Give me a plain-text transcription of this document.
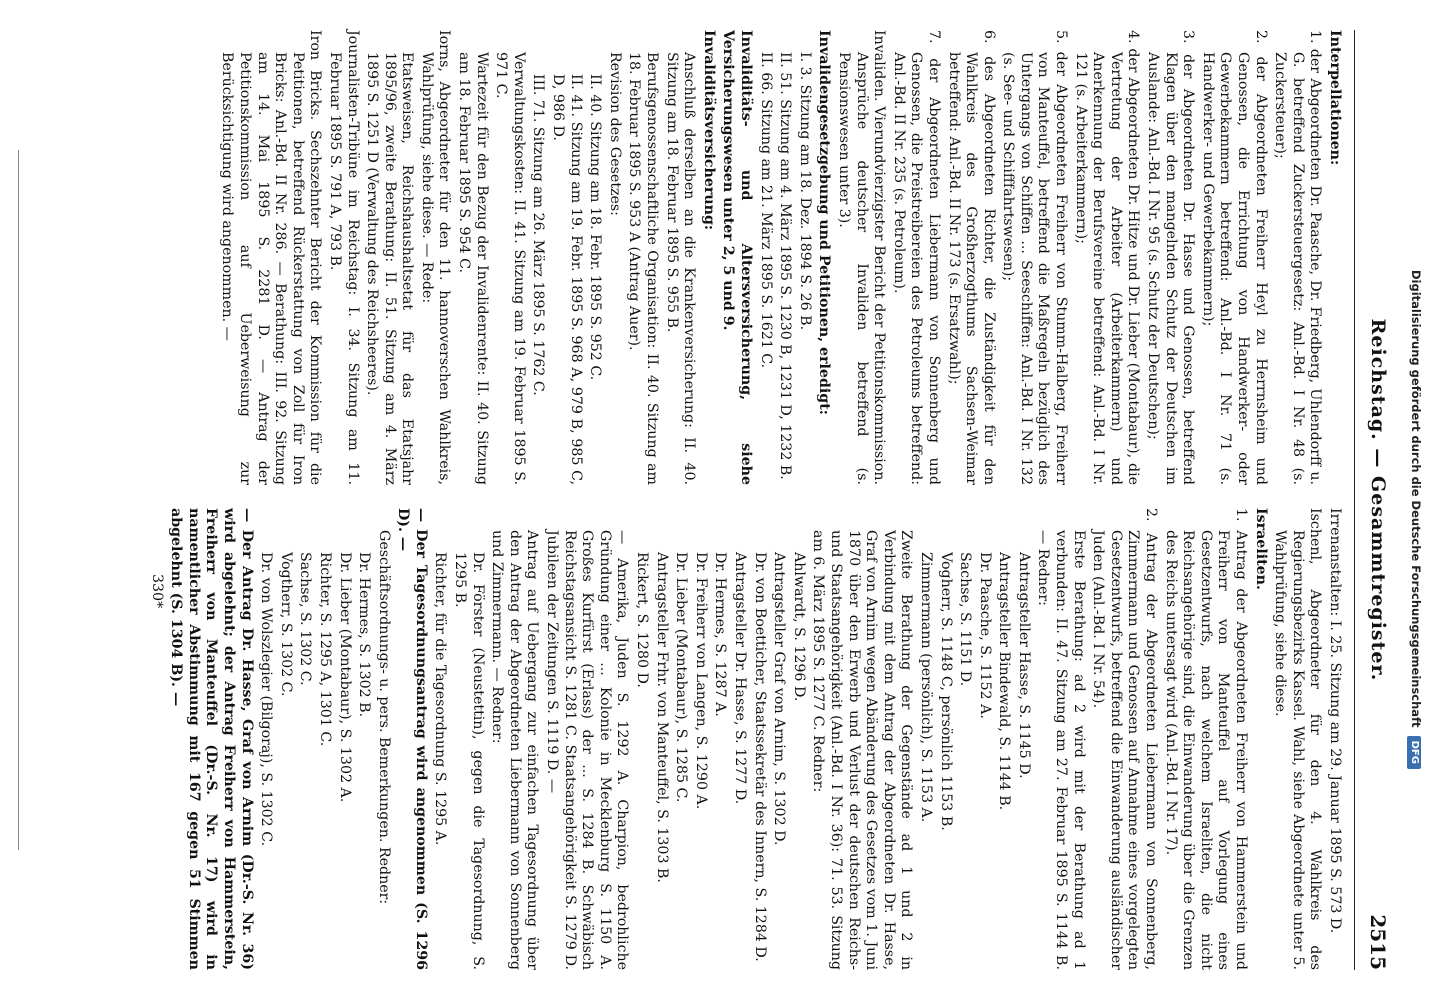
Reichstag. — Gesammtregister.
2515

Interpellationen:

1. der Abgeordneten Dr. Paasche, Dr. Friedberg, Uhlendorff u. G. betreffend Zuckersteuergesetz: Anl.-Bd. I Nr. 48 (s. Zuckersteuer);

2. der Abgeordneten Freiherr Heyl zu Herrnsheim und Genossen, die Errichtung von Handwerker- oder Gewerbekammern betreffend: Anl.-Bd. I Nr. 71 (s. Handwerker- und Gewerbekammern);

3. der Abgeordneten Dr. Hasse und Genossen, betreffend Klagen über den mangelnden Schutz der Deutschen im Auslande: Anl.-Bd. I Nr. 95 (s. Schutz der Deutschen);

4. der Abgeordneten Dr. Hitze und Dr. Lieber (Montabaur), die Vertretung der Arbeiter (Arbeiterkammern) und Anerkennung der Berufsvereine betreffend: Anl.-Bd. I Nr. 121 (s. Arbeiterkammern);

5. der Abgeordneten Freiherr von Stumm-Halberg, Freiherr von Manteuffel, betreffend die Maßregeln bezüglich des Untergangs von Schiffen ... Seeschiffen: Anl.-Bd. I Nr. 132 (s. See- und Schifffahrtswesen);

6. des Abgeordneten Richter, die Zuständigkeit für den Wahlkreis des Großherzogthums Sachsen-Weimar betreffend: Anl.-Bd. II Nr. 173 (s. Ersatzwahl);

7. der Abgeordneten Liebermann von Sonnenberg und Genossen, die Preistreibereien des Petroleums betreffend: Anl.-Bd. II Nr. 235 (s. Petroleum).

Invaliden. Vierundvierzigster Bericht der Petitionskommission. Ansprüche deutscher Invaliden betreffend (s. Pensionswesen unter 3).

Invalidengesetzgebung und Petitionen, erledigt:

I. 3. Sitzung am 18. Dez. 1894 S. 26 B.

II. 51. Sitzung am 4. März 1895 S. 1230 B, 1231 D, 1232 B.

II. 66. Sitzung am 21. März 1895 S. 1621 C.

Invaliditäts- und Altersversicherung, siehe Versicherungswesen unter 2, 5 und 9.

Invaliditätsversicherung:

Anschluß derselben an die Krankenversicherung: II. 40. Sitzung am 18. Februar 1895 S. 955 B.

Berufsgenossenschaftliche Organisation: II. 40. Sitzung am 18. Februar 1895 S. 953 A (Antrag Auer).

Revision des Gesetzes:

II. 40. Sitzung am 18. Febr. 1895 S. 952 C.

II. 41. Sitzung am 19. Febr. 1895 S. 968 A, 979 B, 985 C, D, 986 D.

III. 71. Sitzung am 26. März 1895 S. 1762 C.

Verwaltungskosten: II. 41. Sitzung am 19. Februar 1895 S. 971 C.

Wartezeit für den Bezug der Invalidenrente: II. 40. Sitzung am 18. Februar 1895 S. 954 C.

Iorns, Abgeordneter für den 11. hannoverschen Wahlkreis, Wahlprüfung, siehe diese. — Rede:

Etatsweisen, Reichshaushaltsetat für das Etatsjahr 1895/96, zweite Berathung: II. 51. Sitzung am 4. März 1895 S. 1251 D (Verwaltung des Reichsheeres).

Journalisten-Tribüne im Reichstag: I. 34. Sitzung am 11. Februar 1895 S. 791 A, 793 B.

Iron Bricks. Sechszehnter Bericht der Kommission für die Petitionen, betreffend Rückerstattung von Zoll für Iron Bricks: Anl.-Bd. II Nr. 286. — Berathung: III. 92. Sitzung am 14. Mai 1895 S. 2281 D. — Antrag der Petitionskommission auf Ueberweisung zur Berücksichtigung wird angenommen. —

Irrenanstalten: I. 25. Sitzung am 29. Januar 1895 S. 573 D.

Ischenl, Abgeordneter für den 4. Wahlkreis des Regierungsbezirks Kassel. Wahl, siehe Abgeordnete unter 5. Wahlprüfung, siehe diese.

Israeliten.

1. Antrag der Abgeordneten Freiherr von Hammerstein und Freiherr von Manteuffel auf Vorlegung eines Gesetzentwurfs, nach welchem Israeliten, die nicht Reichsangehörige sind, die Einwanderung über die Grenzen des Reichs untersagt wird (Anl.-Bd. I Nr. 17).

2. Antrag der Abgeordneten Liebermann von Sonnenberg, Zimmermann und Genossen auf Annahme eines vorgelegten Gesetzentwurfs, betreffend die Einwanderung ausländischer Juden (Anl.-Bd. I Nr. 54).

Erste Berathung: ad 2 wird mit der Berathung ad 1 verbunden: II. 47. Sitzung am 27. Februar 1895 S. 1144 B. — Redner:

Antragsteller Hasse, S. 1145 D.

Antragsteller Bindewald, S. 1144 B.

Dr. Paasche, S. 1152 A.

Sachse, S. 1151 D.

Vogherr, S. 1148 C, persönlich 1153 B.

Zimmermann (persönlich), S. 1153 A.

Zweite Berathung der Gegenstände ad 1 und 2 in Verbindung mit dem Antrag der Abgeordneten Dr. Hasse, Graf von Arnim wegen Abänderung des Gesetzes vom 1. Juni 1870 über den Erwerb und Verlust der deutschen Reichs- und Staatsangehörigkeit (Anl.-Bd. I Nr. 36): 71. 53. Sitzung am 6. März 1895 S. 1277 C. Redner:

Ahlwardt, S. 1296 D.

Antragsteller Graf von Arnim, S. 1302 D.

Dr. von Boetticher, Staatssekretär des Innern, S. 1284 D.

Antragsteller Dr. Hasse, S. 1277 D.

Dr. Hermes, S. 1287 A.

Dr. Freiherr von Langen, S. 1290 A.

Dr. Lieber (Montabaur), S. 1285 C.

Antragsteller Frhr. von Manteuffel, S. 1303 B.

Rickert, S. 1280 D.

— Amerika, Juden S. 1292 A. Charpion, bedrohliche Gründung einer ... Kolonie in Mecklenburg S. 1150 A. Großes Kurfürst (Erlass) der ... S. 1284 B. Schwäbisch Reichstagsansicht S. 1281 C. Staatsangehörigkeit S. 1279 D. Jubileen der Zeitungen S. 1119 D. —

Antrag auf Uebergang zur einfachen Tagesordnung über den Antrag der Abgeordneten Liebermann von Sonnenberg und Zimmermann. — Redner:

Dr. Förster (Neustettin), gegen die Tagesordnung, S. 1295 B.

Richter, für die Tagesordnung S. 1295 A.

— Der Tagesordnungsantrag wird angenommen (S. 1296 D). —

Geschäftsordnungs- u. pers. Bemerkungen. Redner:

Dr. Hermes, S. 1302 B.

Dr. Lieber (Montabaur), S. 1302 A.

Richter, S. 1295 A, 1301 C.

Sachse, S. 1302 C.

Vogtherr, S. 1302 C.

Dr. von Wolszlegier (Bilgoraj), S. 1302 C.

— Der Antrag Dr. Hasse, Graf von Arnim (Dr.-S. Nr. 36) wird abgelehnt; der Antrag Freiherr von Hammerstein, Freiherr von Manteuffel (Dr.-S. Nr. 17) wird in namentlicher Abstimmung mit 167 gegen 51 Stimmen abgelehnt (S. 1304 B). —

330*	Digitalisierung gefördert durch die Deutsche Forschungsgemeinschaft DFG
